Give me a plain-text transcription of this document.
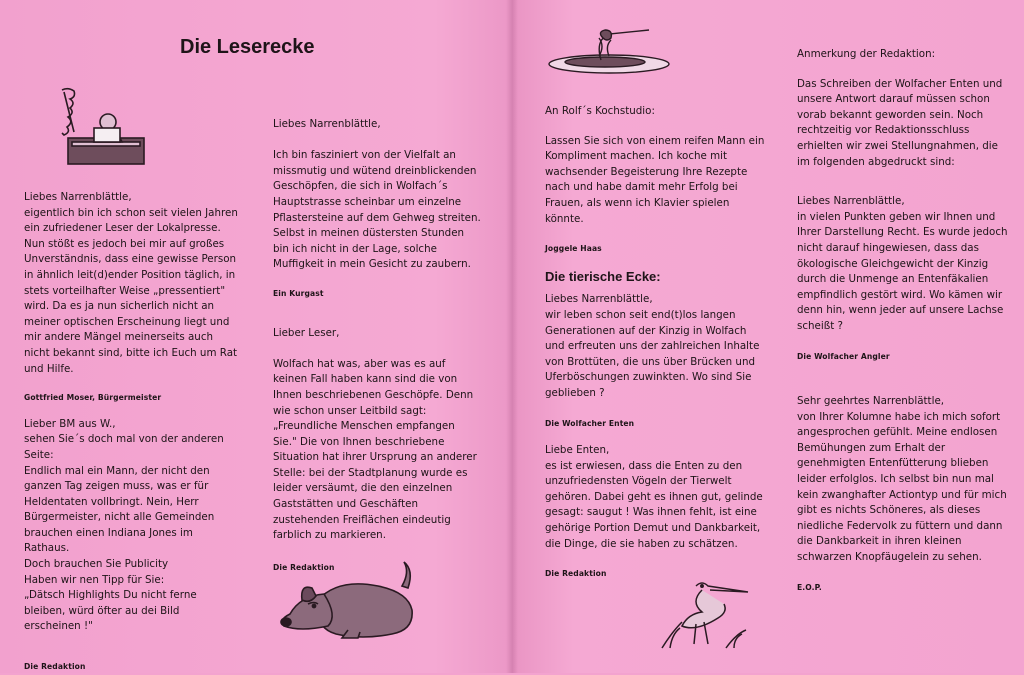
Die Leserecke

Liebes Narrenblättle,
eigentlich bin ich schon seit vielen Jahren ein zufriedener Leser der Lokalpresse. Nun stößt es jedoch bei mir auf großes Unverständnis, dass eine gewisse Person in ähnlich leit(d)ender Position täglich, in stets vorteilhafter Weise „pressentiert" wird. Da es ja nun sicherlich nicht an meiner optischen Erscheinung liegt und mir andere Mängel meinerseits auch nicht bekannt sind, bitte ich Euch um Rat und Hilfe.

Gottfried Moser, Bürgermeister

Lieber BM aus W.,
sehen Sie´s doch mal von der anderen Seite:
Endlich mal ein Mann, der nicht den ganzen Tag zeigen muss, was er für Heldentaten vollbringt. Nein, Herr Bürgermeister, nicht alle Gemeinden brauchen einen Indiana Jones im Rathaus.
Doch brauchen Sie Publicity
Haben wir nen Tipp für Sie:
„Dätsch Highlights Du nicht ferne bleiben, würd öfter au dei Bild erscheinen !"

Die Redaktion

Liebes Narrenblättle,

Ich bin fasziniert von der Vielfalt an missmutig und wütend dreinblickenden Geschöpfen, die sich in Wolfach´s Hauptstrasse scheinbar um einzelne Pflastersteine auf dem Gehweg streiten. Selbst in meinen düstersten Stunden bin ich nicht in der Lage, solche Muffigkeit in mein Gesicht zu zaubern.

Ein Kurgast

Lieber Leser,

Wolfach hat was, aber was es auf keinen Fall haben kann sind die von Ihnen beschriebenen Geschöpfe. Denn wie schon unser Leitbild sagt: „Freundliche Menschen empfangen Sie." Die von Ihnen beschriebene Situation hat ihrer Ursprung an anderer Stelle: bei der Stadtplanung wurde es leider versäumt, die den einzelnen Gaststätten und Geschäften zustehenden Freiflächen eindeutig farblich zu markieren.

Die Redaktion

An Rolf´s Kochstudio:

Lassen Sie sich von einem reifen Mann ein Kompliment machen. Ich koche mit wachsender Begeisterung Ihre Rezepte nach und habe damit mehr Erfolg bei Frauen, als wenn ich Klavier spielen könnte.

Joggele Haas

Die tierische Ecke:

Liebes Narrenblättle,
wir leben schon seit end(t)los langen Generationen auf der Kinzig in Wolfach und erfreuten uns der zahlreichen Inhalte von Brottüten, die uns über Brücken und Uferböschungen zuwinkten. Wo sind Sie geblieben ?

Die Wolfacher Enten

Liebe Enten,
es ist erwiesen, dass die Enten zu den unzufriedensten Vögeln der Tierwelt gehören. Dabei geht es ihnen gut, gelinde gesagt: saugut ! Was ihnen fehlt, ist eine gehörige Portion Demut und Dankbarkeit, die Dinge, die sie haben zu schätzen.

Die Redaktion

Anmerkung der Redaktion:

Das Schreiben der Wolfacher Enten und unsere Antwort darauf müssen schon vorab bekannt geworden sein. Noch rechtzeitig vor Redaktionsschluss erhielten wir zwei Stellungnahmen, die im folgenden abgedruckt sind:

Liebes Narrenblättle,
in vielen Punkten geben wir Ihnen und Ihrer Darstellung Recht. Es wurde jedoch nicht darauf hingewiesen, dass das ökologische Gleichgewicht der Kinzig durch die Unmenge an Entenfäkalien empfindlich gestört wird. Wo kämen wir denn hin, wenn jeder auf unsere Lachse scheißt ?

Die Wolfacher Angler

Sehr geehrtes Narrenblättle,
von Ihrer Kolumne habe ich mich sofort angesprochen gefühlt. Meine endlosen Bemühungen zum Erhalt der genehmigten Entenfütterung blieben leider erfolglos. Ich selbst bin nun mal kein zwanghafter Actiontyp und für mich gibt es nichts Schöneres, als dieses niedliche Federvolk zu füttern und dann die Dankbarkeit in ihren kleinen schwarzen Knopfäugelein zu sehen.

E.O.P.
